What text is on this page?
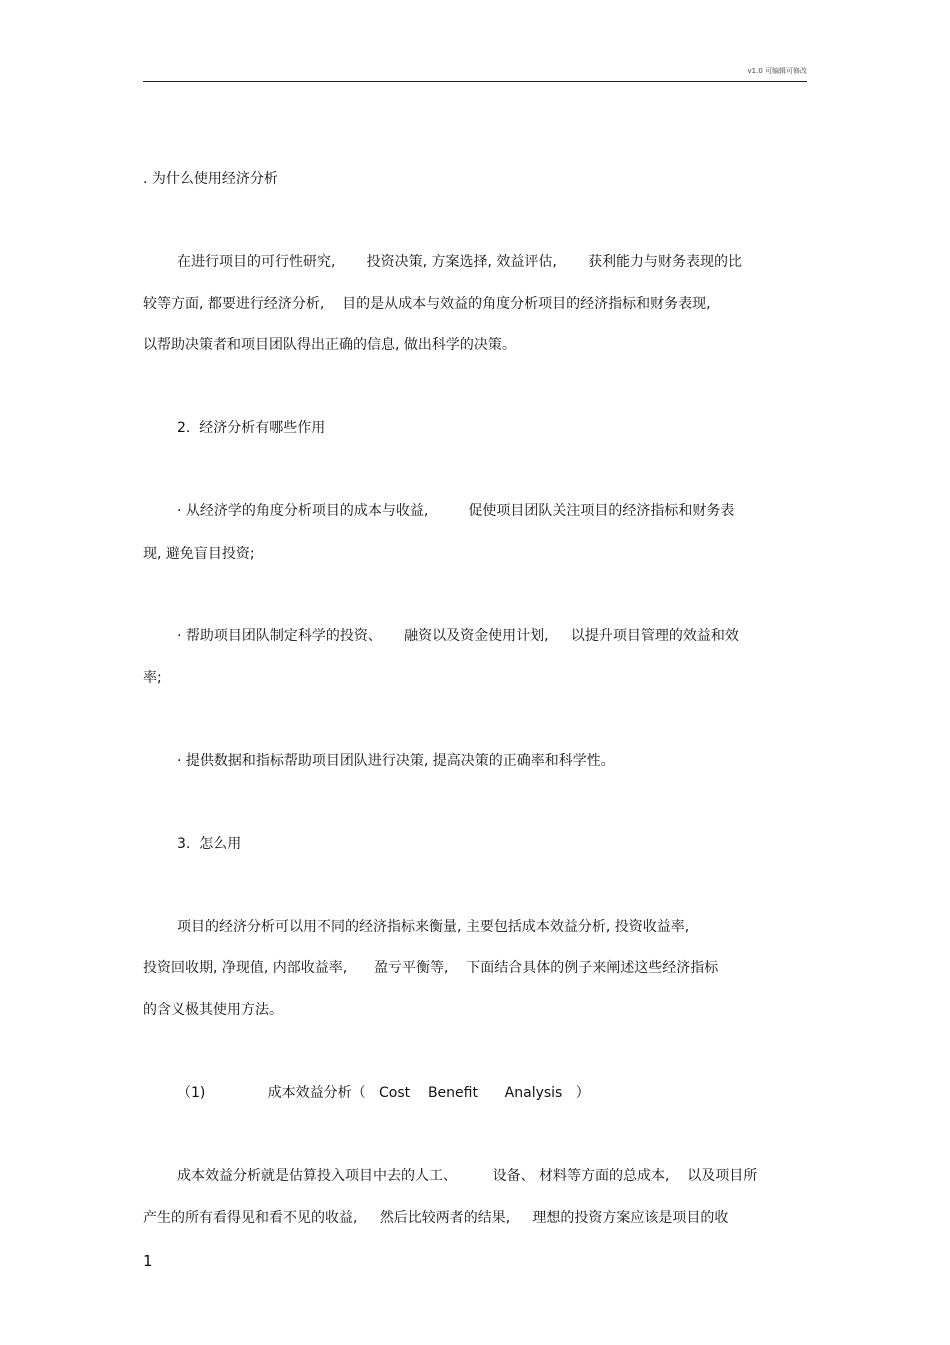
v1.0 可编辑可修改
. 为什么使用经济分析
在进行项目的可行性研究,       投资决策, 方案选择, 效益评估,       获利能力与财务表现的比
较等方面, 都要进行经济分析,    目的是从成本与效益的角度分析项目的经济指标和财务表现,
以帮助决策者和项目团队得出正确的信息, 做出科学的决策。
2.  经济分析有哪些作用
· 从经济学的角度分析项目的成本与收益,         促使项目团队关注项目的经济指标和财务表
现, 避免盲目投资;
· 帮助项目团队制定科学的投资、     融资以及资金使用计划,     以提升项目管理的效益和效
率;
· 提供数据和指标帮助项目团队进行决策, 提高决策的正确率和科学性。
3.  怎么用
项目的经济分析可以用不同的经济指标来衡量, 主要包括成本效益分析, 投资收益率,
投资回收期, 净现值, 内部收益率,      盈亏平衡等,    下面结合具体的例子来阐述这些经济指标
的含义极其使用方法。
（1)              成本效益分析（   Cost    Benefit      Analysis   ）
成本效益分析就是估算投入项目中去的人工、        设备、 材料等方面的总成本,    以及项目所
产生的所有看得见和看不见的收益,     然后比较两者的结果,     理想的投资方案应该是项目的收
1
